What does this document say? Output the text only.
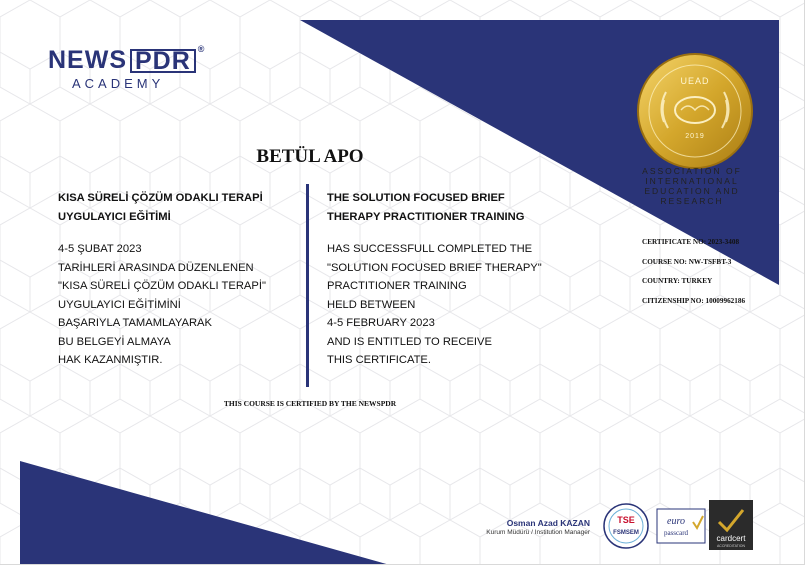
NEWS PDR ®
ACADEMY
BETÜL APO
KISA SÜRELİ ÇÖZÜM ODAKLI TERAPİ
UYGULAYICI EĞİTİMİ
4-5 ŞUBAT 2023
TARİHLERİ ARASINDA DÜZENLENEN
"KISA SÜRELİ ÇÖZÜM ODAKLI TERAPİ"
UYGULAYICI EĞİTİMİNİ
BAŞARIYLA TAMAMLAYARAK
BU BELGEYİ ALMAYA
HAK KAZANMIŞTIR.
THE SOLUTION FOCUSED BRIEF
THERAPY PRACTITIONER TRAINING
HAS SUCCESSFULL COMPLETED THE
"SOLUTION FOCUSED BRIEF THERAPY"
PRACTITIONER TRAINING
HELD BETWEEN
4-5 FEBRUARY 2023
AND IS ENTITLED TO RECEIVE
THIS CERTIFICATE.
THIS COURSE IS CERTIFIED BY THE NEWSPDR
UEAD
2019
ASSOCIATION OF
INTERNATIONAL
EDUCATION AND
RESEARCH
CERTIFICATE NO: 2023-3408
COURSE NO: NW-TSFBT-3
COUNTRY: TURKEY
CITIZENSHIP NO: 10009962186
Osman Azad KAZAN
Kurum Müdürü / Institution Manager
TSE
FSMSEM
euro
passcard
cardcert
ACCREDITATION
